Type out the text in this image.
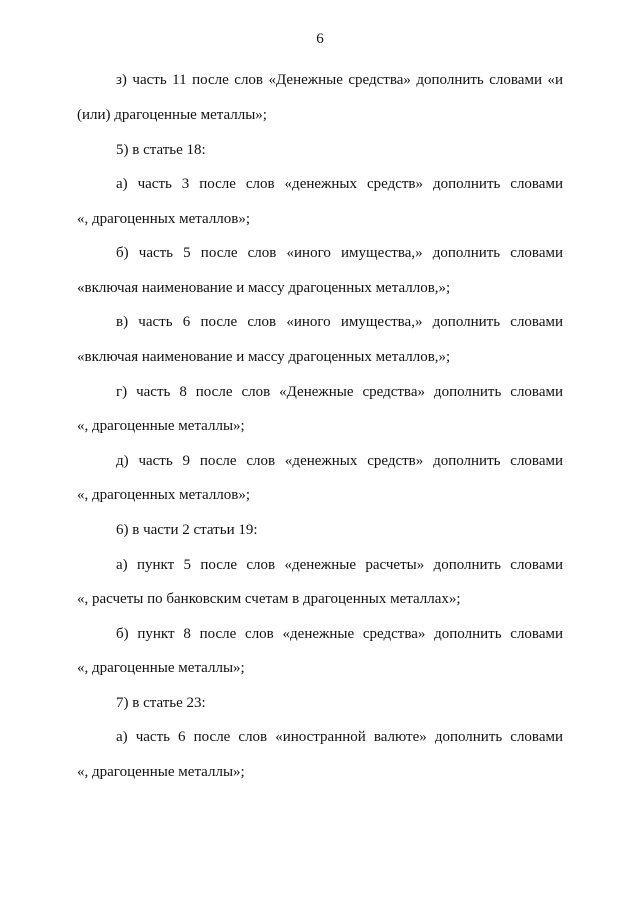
6
з) часть 11 после слов «Денежные средства» дополнить словами «и
(или) драгоценные металлы»;
5) в статье 18:
а) часть 3 после слов «денежных средств» дополнить словами
«, драгоценных металлов»;
б) часть 5 после слов «иного имущества,» дополнить словами
«включая наименование и массу драгоценных металлов,»;
в) часть 6 после слов «иного имущества,» дополнить словами
«включая наименование и массу драгоценных металлов,»;
г) часть 8 после слов «Денежные средства» дополнить словами
«, драгоценные металлы»;
д) часть 9 после слов «денежных средств» дополнить словами
«, драгоценных металлов»;
6) в части 2 статьи 19:
а) пункт 5 после слов «денежные расчеты» дополнить словами
«, расчеты по банковским счетам в драгоценных металлах»;
б) пункт 8 после слов «денежные средства» дополнить словами
«, драгоценные металлы»;
7) в статье 23:
а) часть 6 после слов «иностранной валюте» дополнить словами
«, драгоценные металлы»;
